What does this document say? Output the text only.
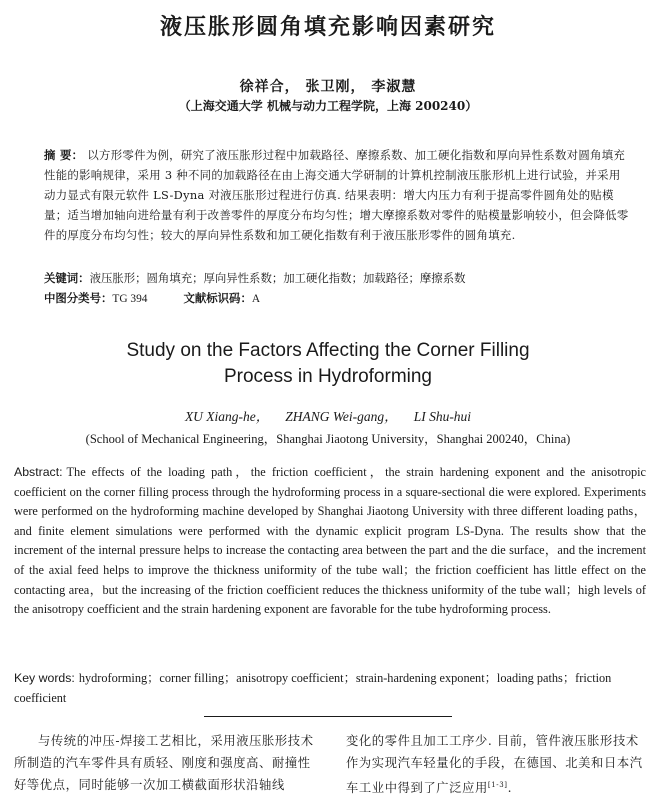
液压胀形圆角填充影响因素研究
徐祥合， 张卫刚， 李淑慧
（上海交通大学 机械与动力工程学院，上海 200240）
摘 要： 以方形零件为例，研究了液压胀形过程中加载路径、摩擦系数、加工硬化指数和厚向异性系数对圆角填充性能的影响规律，采用 3 种不同的加载路径在由上海交通大学研制的计算机控制液压胀形机上进行试验，并采用动力显式有限元软件 LS-Dyna 对液压胀形过程进行仿真. 结果表明：增大内压力有利于提高零件圆角处的贴模量；适当增加轴向进给量有利于改善零件的厚度分布均匀性；增大摩擦系数对零件的贴模量影响较小，但会降低零件的厚度分布均匀性；较大的厚向异性系数和加工硬化指数有利于液压胀形零件的圆角填充.
关键词：液压胀形；圆角填充；厚向异性系数；加工硬化指数；加载路径；摩擦系数
中图分类号：TG 394	文献标识码：A
Study on the Factors Affecting the Corner Filling
Process in Hydroforming
XU Xiang-he， ZHANG Wei-gang， LI Shu-hui
(School of Mechanical Engineering，Shanghai Jiaotong University，Shanghai 200240，China)
Abstract: The effects of the loading path，the friction coefficient，the strain hardening exponent and the anisotropic coefficient on the corner filling process through the hydroforming process in a square-sectional die were explored. Experiments were performed on the hydroforming machine developed by Shanghai Jiaotong University with three different loading paths，and finite element simulations were performed with the dynamic explicit program LS-Dyna. The results show that the increment of the internal pressure helps to increase the contacting area between the part and the die surface，and the increment of the axial feed helps to improve the thickness uniformity of the tube wall；the friction coefficient has little effect on the contacting area，but the increasing of the friction coefficient reduces the thickness uniformity of the tube wall；high levels of the anisotropy coefficient and the strain hardening exponent are favorable for the tube hydroforming process.
Key words: hydroforming；corner filling；anisotropy coefficient；strain-hardening exponent；loading paths；friction coefficient
与传统的冲压-焊接工艺相比，采用液压胀形技术所制造的汽车零件具有质轻、刚度和强度高、耐撞性好等优点，同时能够一次加工横截面形状沿轴线
变化的零件且加工工序少. 目前，管件液压胀形技术作为实现汽车轻量化的手段，在德国、北美和日本汽车工业中得到了广泛应用[1-3].
